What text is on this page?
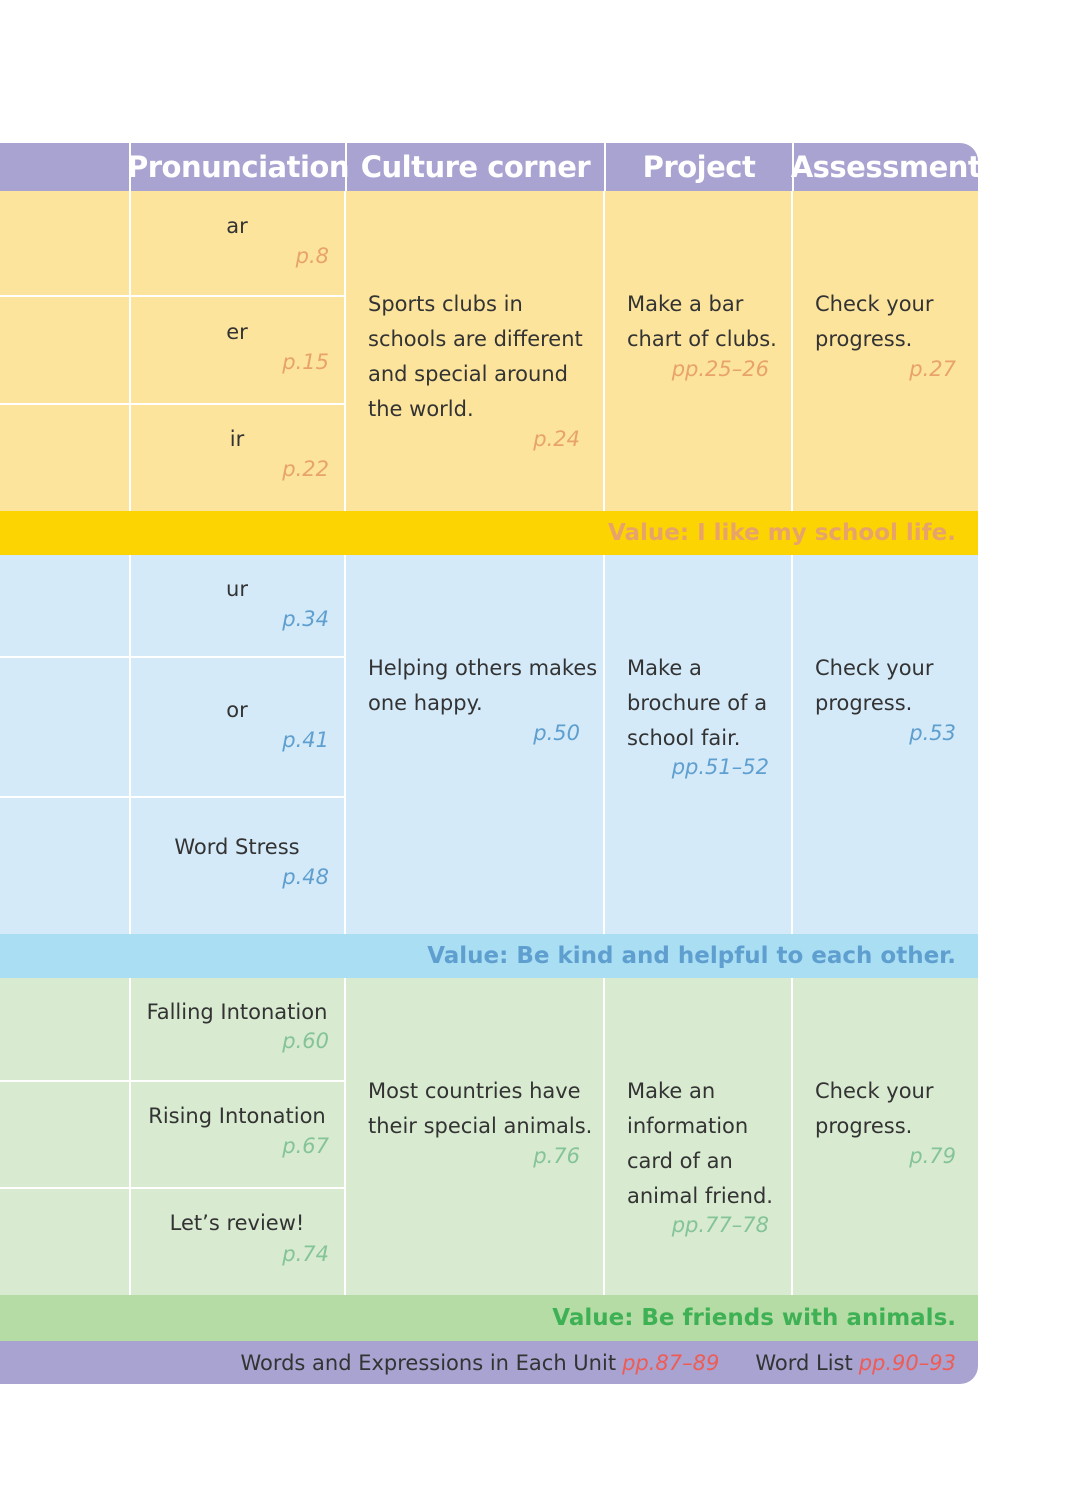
Pronunciation Culture corner	Project	Assessment
ar
p.8
er
p.15
ir
p.22
Sports clubs in
schools are different
and special around
the world.
p.24
Make a bar
chart of clubs.
pp.25–26
Check your
progress.
p.27
Value: I like my school life.
ur
p.34
or
p.41
Word Stress
p.48
Helping others makes
one happy.
p.50
Make a
brochure of a
school fair.
pp.51–52
Check your
progress.
p.53
Value: Be kind and helpful to each other.
Falling Intonation
p.60
Rising Intonation
p.67
Let’s review!
p.74
Most countries have
their special animals.
p.76
Make an
information
card of an
animal friend.
pp.77–78
Check your
progress.
p.79
Value: Be friends with animals.
Words and Expressions in Each Unit pp.87–89 Word List pp.90–93
